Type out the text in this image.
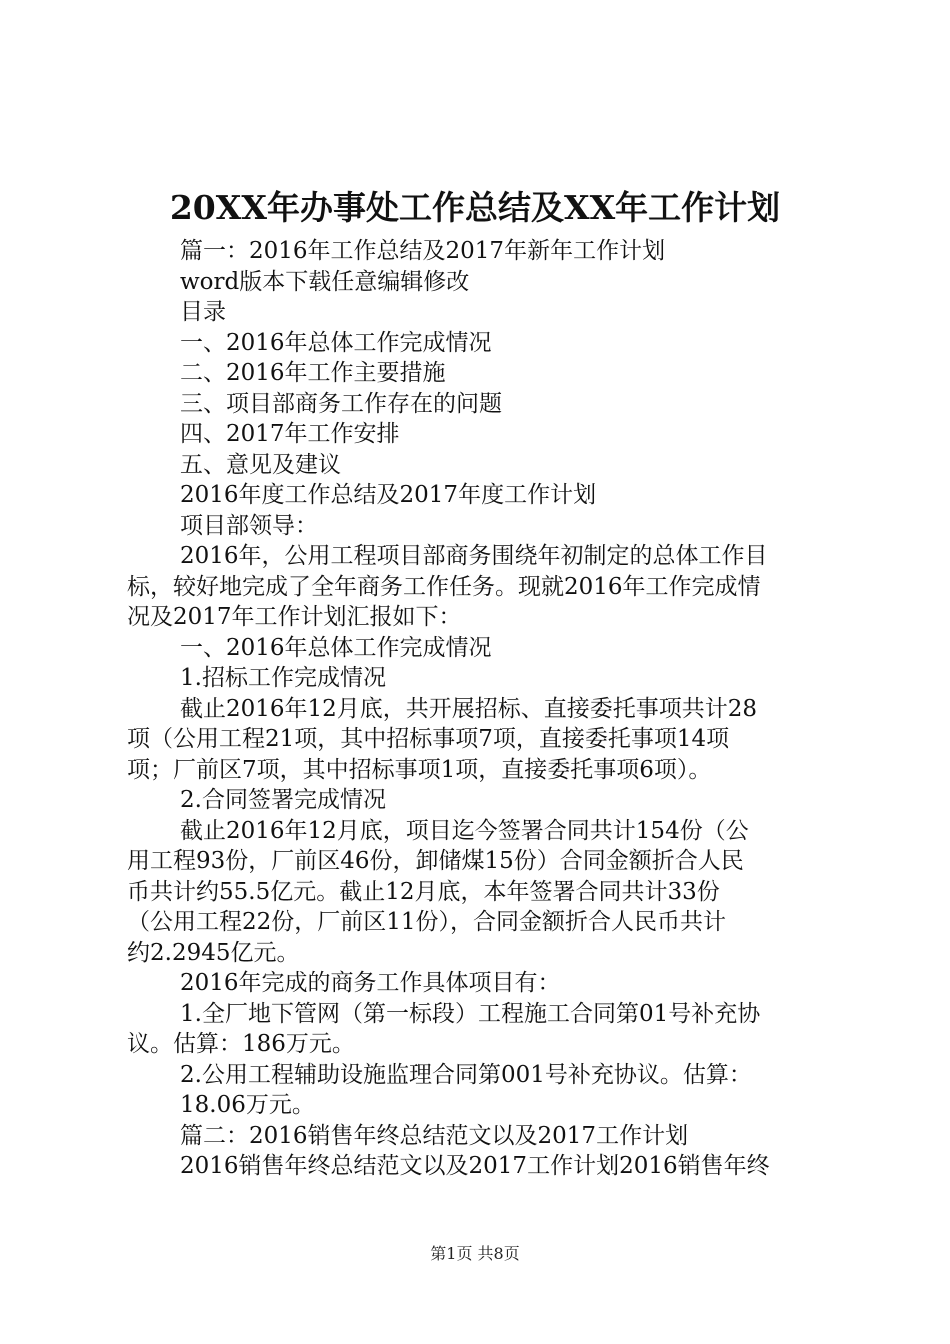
20XX年办事处工作总结及XX年工作计划

篇一：2016年工作总结及2017年新年工作计划

word版本下载任意编辑修改

目录

一、2016年总体工作完成情况

二、2016年工作主要措施

三、项目部商务工作存在的问题

四、2017年工作安排

五、意见及建议

2016年度工作总结及2017年度工作计划

项目部领导：

2016年，公用工程项目部商务围绕年初制定的总体工作目

标，较好地完成了全年商务工作任务。现就2016年工作完成情

况及2017年工作计划汇报如下：

一、2016年总体工作完成情况

1.招标工作完成情况

截止2016年12月底，共开展招标、直接委托事项共计28

项（公用工程21项，其中招标事项7项，直接委托事项14项

项；厂前区7项，其中招标事项1项，直接委托事项6项）。

2.合同签署完成情况

截止2016年12月底，项目迄今签署合同共计154份（公

用工程93份，厂前区46份，卸储煤15份）合同金额折合人民

币共计约55.5亿元。截止12月底，本年签署合同共计33份

（公用工程22份，厂前区11份），合同金额折合人民币共计

约2.2945亿元。

2016年完成的商务工作具体项目有：

1.全厂地下管网（第一标段）工程施工合同第01号补充协

议。估算：186万元。

2.公用工程辅助设施监理合同第001号补充协议。估算：

18.06万元。

篇二：2016销售年终总结范文以及2017工作计划

2016销售年终总结范文以及2017工作计划2016销售年终

第1页 共8页
